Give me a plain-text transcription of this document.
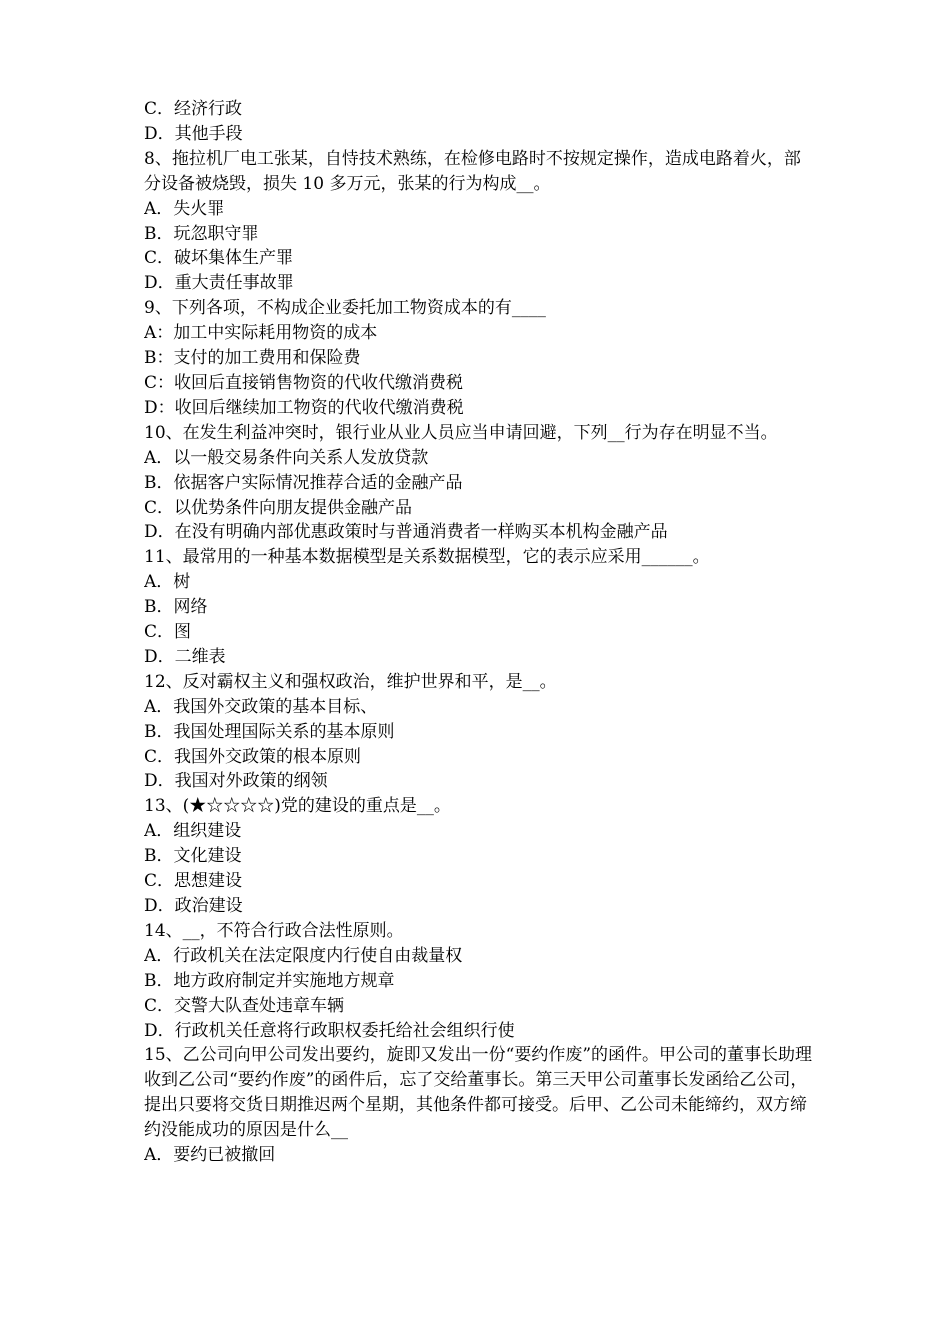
C．经济行政
D．其他手段
8、拖拉机厂电工张某，自恃技术熟练，在检修电路时不按规定操作，造成电路着火，部分设备被烧毁，损失 10 多万元，张某的行为构成__。
A．失火罪
B．玩忽职守罪
C．破坏集体生产罪
D．重大责任事故罪
9、下列各项，不构成企业委托加工物资成本的有____
A：加工中实际耗用物资的成本
B：支付的加工费用和保险费
C：收回后直接销售物资的代收代缴消费税
D：收回后继续加工物资的代收代缴消费税
10、在发生利益冲突时，银行业从业人员应当申请回避，下列__行为存在明显不当。
A．以一般交易条件向关系人发放贷款
B．依据客户实际情况推荐合适的金融产品
C．以优势条件向朋友提供金融产品
D．在没有明确内部优惠政策时与普通消费者一样购买本机构金融产品
11、最常用的一种基本数据模型是关系数据模型，它的表示应采用______。
A．树
B．网络
C．图
D．二维表
12、反对霸权主义和强权政治，维护世界和平，是__。
A．我国外交政策的基本目标、
B．我国处理国际关系的基本原则
C．我国外交政策的根本原则
D．我国对外政策的纲领
13、(★☆☆☆☆)党的建设的重点是__。
A．组织建设
B．文化建设
C．思想建设
D．政治建设
14、__，不符合行政合法性原则。
A．行政机关在法定限度内行使自由裁量权
B．地方政府制定并实施地方规章
C．交警大队查处违章车辆
D．行政机关任意将行政职权委托给社会组织行使
15、乙公司向甲公司发出要约，旋即又发出一份“要约作废”的函件。甲公司的董事长助理收到乙公司“要约作废”的函件后，忘了交给董事长。第三天甲公司董事长发函给乙公司，提出只要将交货日期推迟两个星期，其他条件都可接受。后甲、乙公司未能缔约，双方缔约没能成功的原因是什么__
A．要约已被撤回
